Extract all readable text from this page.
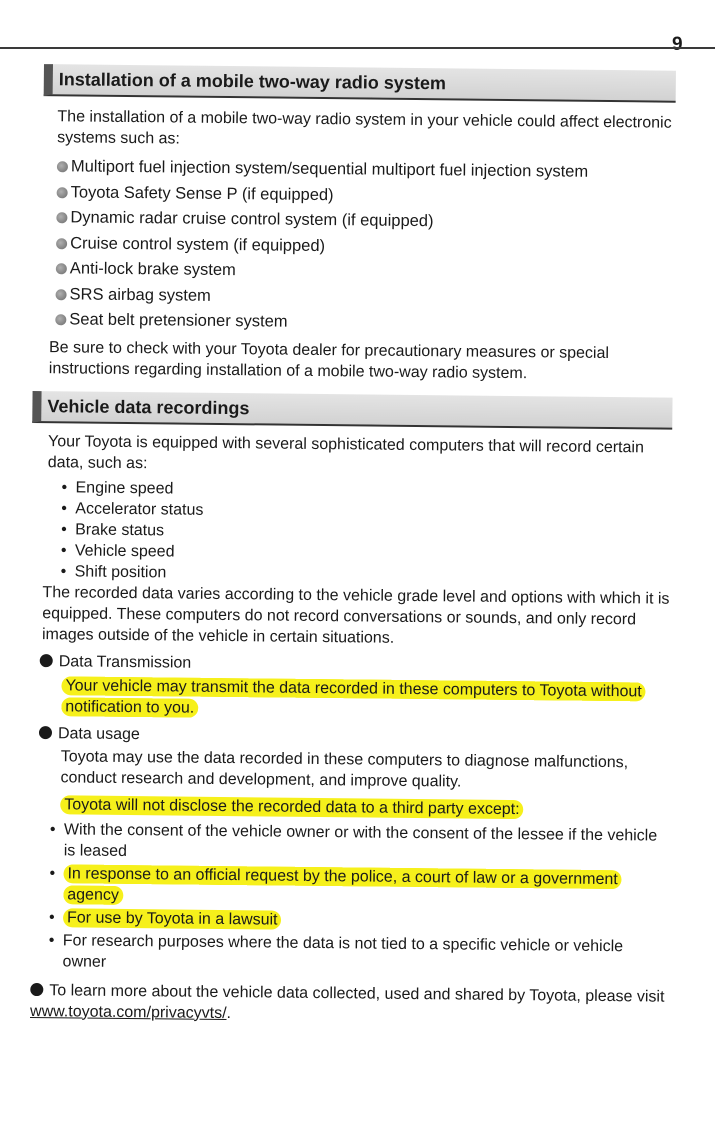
9
Installation of a mobile two-way radio system

The installation of a mobile two-way radio system in your vehicle could affect electronic systems such as:

Multiport fuel injection system/sequential multiport fuel injection system
Toyota Safety Sense P (if equipped)
Dynamic radar cruise control system (if equipped)
Cruise control system (if equipped)
Anti-lock brake system
SRS airbag system
Seat belt pretensioner system

Be sure to check with your Toyota dealer for precautionary measures or special instructions regarding installation of a mobile two-way radio system.

Vehicle data recordings

Your Toyota is equipped with several sophisticated computers that will record certain data, such as:

• Engine speed
• Accelerator status
• Brake status
• Vehicle speed
• Shift position

The recorded data varies according to the vehicle grade level and options with which it is equipped. These computers do not record conversations or sounds, and only record images outside of the vehicle in certain situations.

Data Transmission

Your vehicle may transmit the data recorded in these computers to Toyota without notification to you.

Data usage

Toyota may use the data recorded in these computers to diagnose malfunctions, conduct research and development, and improve quality.

Toyota will not disclose the recorded data to a third party except:

• With the consent of the vehicle owner or with the consent of the lessee if the vehicle is leased
• In response to an official request by the police, a court of law or a government agency
• For use by Toyota in a lawsuit
• For research purposes where the data is not tied to a specific vehicle or vehicle owner

To learn more about the vehicle data collected, used and shared by Toyota, please visit www.toyota.com/privacyvts/.
